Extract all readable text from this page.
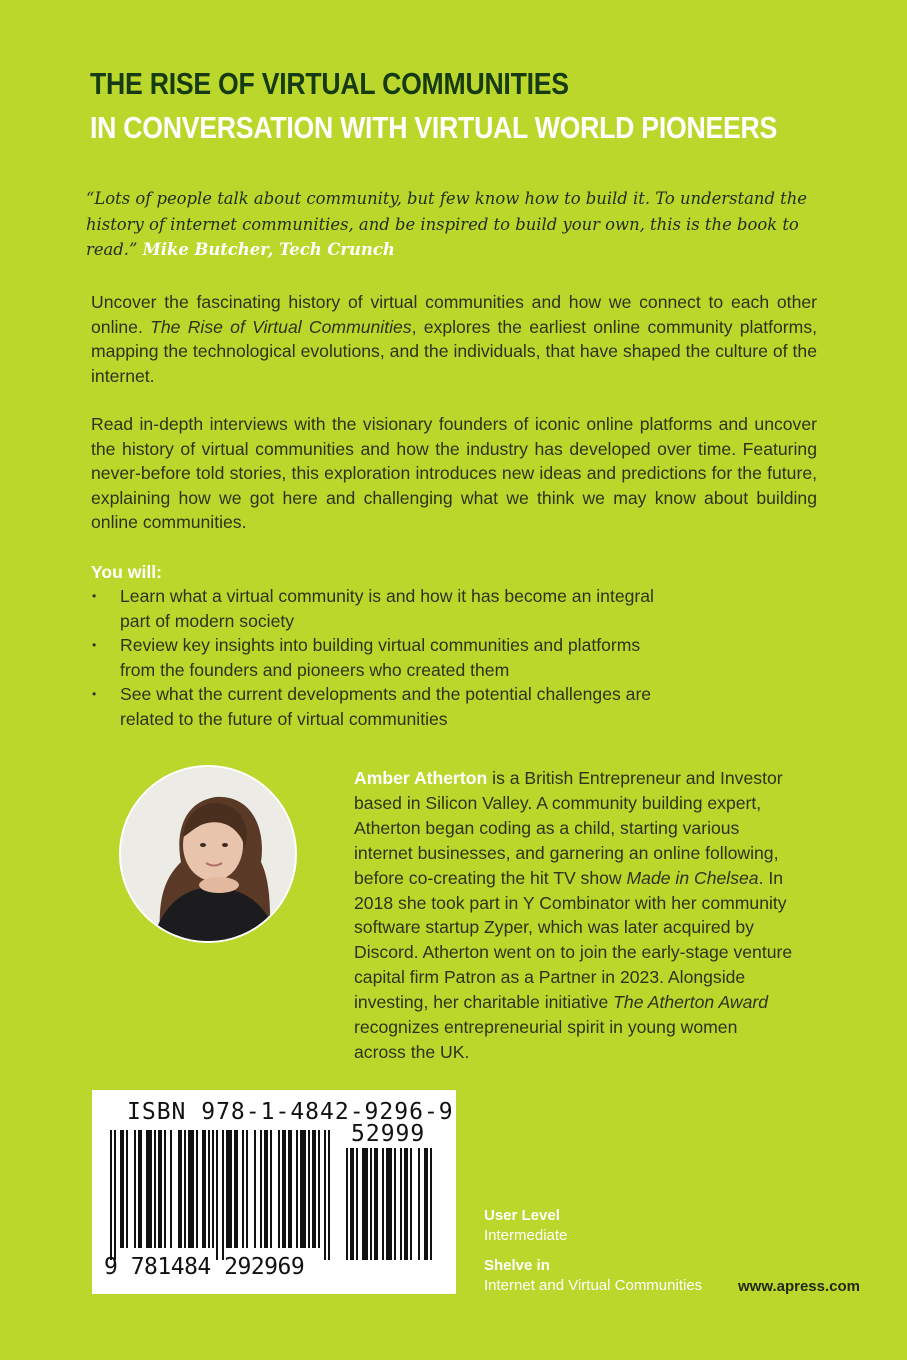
THE RISE OF VIRTUAL COMMUNITIES
IN CONVERSATION WITH VIRTUAL WORLD PIONEERS

“Lots of people talk about community, but few know how to build it. To understand the history of internet communities, and be inspired to build your own, this is the book to read.” Mike Butcher, Tech Crunch

Uncover the fascinating history of virtual communities and how we connect to each other online. The Rise of Virtual Communities, explores the earliest online community platforms, mapping the technological evolutions, and the individuals, that have shaped the culture of the internet.

Read in-depth interviews with the visionary founders of iconic online platforms and uncover the history of virtual communities and how the industry has developed over time. Featuring never-before told stories, this exploration introduces new ideas and predictions for the future, explaining how we got here and challenging what we think we may know about building online communities.

You will:

• Learn what a virtual community is and how it has become an integral part of modern society
• Review key insights into building virtual communities and platforms from the founders and pioneers who created them
• See what the current developments and the potential challenges are related to the future of virtual communities

Amber Atherton is a British Entrepreneur and Investor based in Silicon Valley. A community building expert, Atherton began coding as a child, starting various internet businesses, and garnering an online following, before co-creating the hit TV show Made in Chelsea. In 2018 she took part in Y Combinator with her community software startup Zyper, which was later acquired by Discord. Atherton went on to join the early-stage venture capital firm Patron as a Partner in 2023. Alongside investing, her charitable initiative The Atherton Award recognizes entrepreneurial spirit in young women across the UK.

ISBN 978-1-4842-9296-9

52999

9 781484 292969

User Level
Intermediate
Shelve in
Internet and Virtual Communities www.apress.com
